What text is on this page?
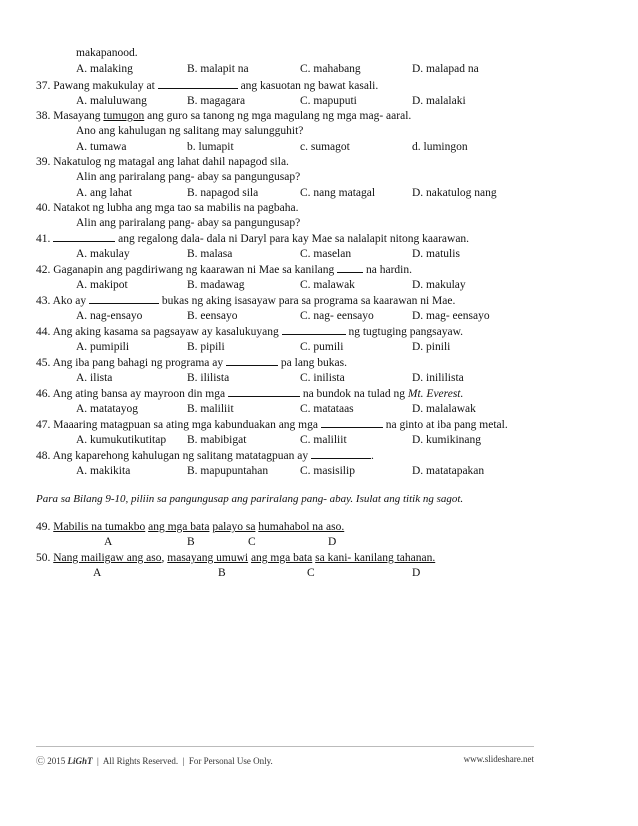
makapanood.
A. malaking	B. malapit na	C. mahabang	D. malapad na
37. Pawang makukulay at	ang kasuotan ng bawat kasali.
A. maluluwang	B. magagara	C. mapuputi	D. malalaki
38. Masayang tumugon ang guro sa tanong ng mga magulang ng mga mag- aaral.
Ano ang kahulugan ng salitang may salungguhit?
A. tumawa	b. lumapit	c. sumagot	d. lumingon
39. Nakatulog ng matagal ang lahat dahil napagod sila.
Alin ang pariralang pang- abay sa pangungusap?
A. ang lahat	B. napagod sila	C. nang matagal	D. nakatulog nang
40. Natakot ng lubha ang mga tao sa mabilis na pagbaha.
Alin ang pariralang pang- abay sa pangungusap?
41.	ang regalong dala- dala ni Daryl para kay Mae sa nalalapit nitong kaarawan.
A. makulay	B. malasa	C. maselan	D. matulis
42. Gaganapin ang pagdiriwang ng kaarawan ni Mae sa kanilang  na hardin.
A. makipot	B. madawag	C. malawak	D. makulay
43. Ako ay	bukas ng aking isasayaw para sa programa sa kaarawan ni Mae.
A. nag-ensayo	B. eensayo	C. nag- eensayo	D. mag- eensayo
44. Ang aking kasama sa pagsayaw ay kasalukuyang	ng tugtuging pangsayaw.
A. pumipili	B. pipili	C. pumili	D. pinili
45. Ang iba pang bahagi ng programa ay	pa lang bukas.
A. ilista	B. ililista	C. inilista	D. inililista
46. Ang ating bansa ay mayroon din mga	na bundok na tulad ng Mt. Everest.
A. matatayog	B. maliliit	C. matataas	D. malalawak
47. Maaaring matagpuan sa ating mga kabunduakan ang mga	na ginto at iba pang metal.
A. kumukutikutitap B. mabibigat	C. maliliit	D. kumikinang
48. Ang kaparehong kahulugan ng salitang matatagpuan ay	.
A. makikita	B. mapupuntahan	C. masisilip	D. matatapakan
Para sa Bilang 9-10, piliin sa pangungusap ang pariralang pang- abay. Isulat ang titik ng sagot.
49. Mabilis na tumakbo ang mga bata palayo sa humahabol na aso.
A	B	C	D
50. Nang mailigaw ang aso, masayang umuwi ang mga bata sa kani- kanilang tahanan.
A	B	C	D
Ⓒ 2015 LiGhT  |  All Rights Reserved.  |  For Personal Use Only.	www.slideshare.net
